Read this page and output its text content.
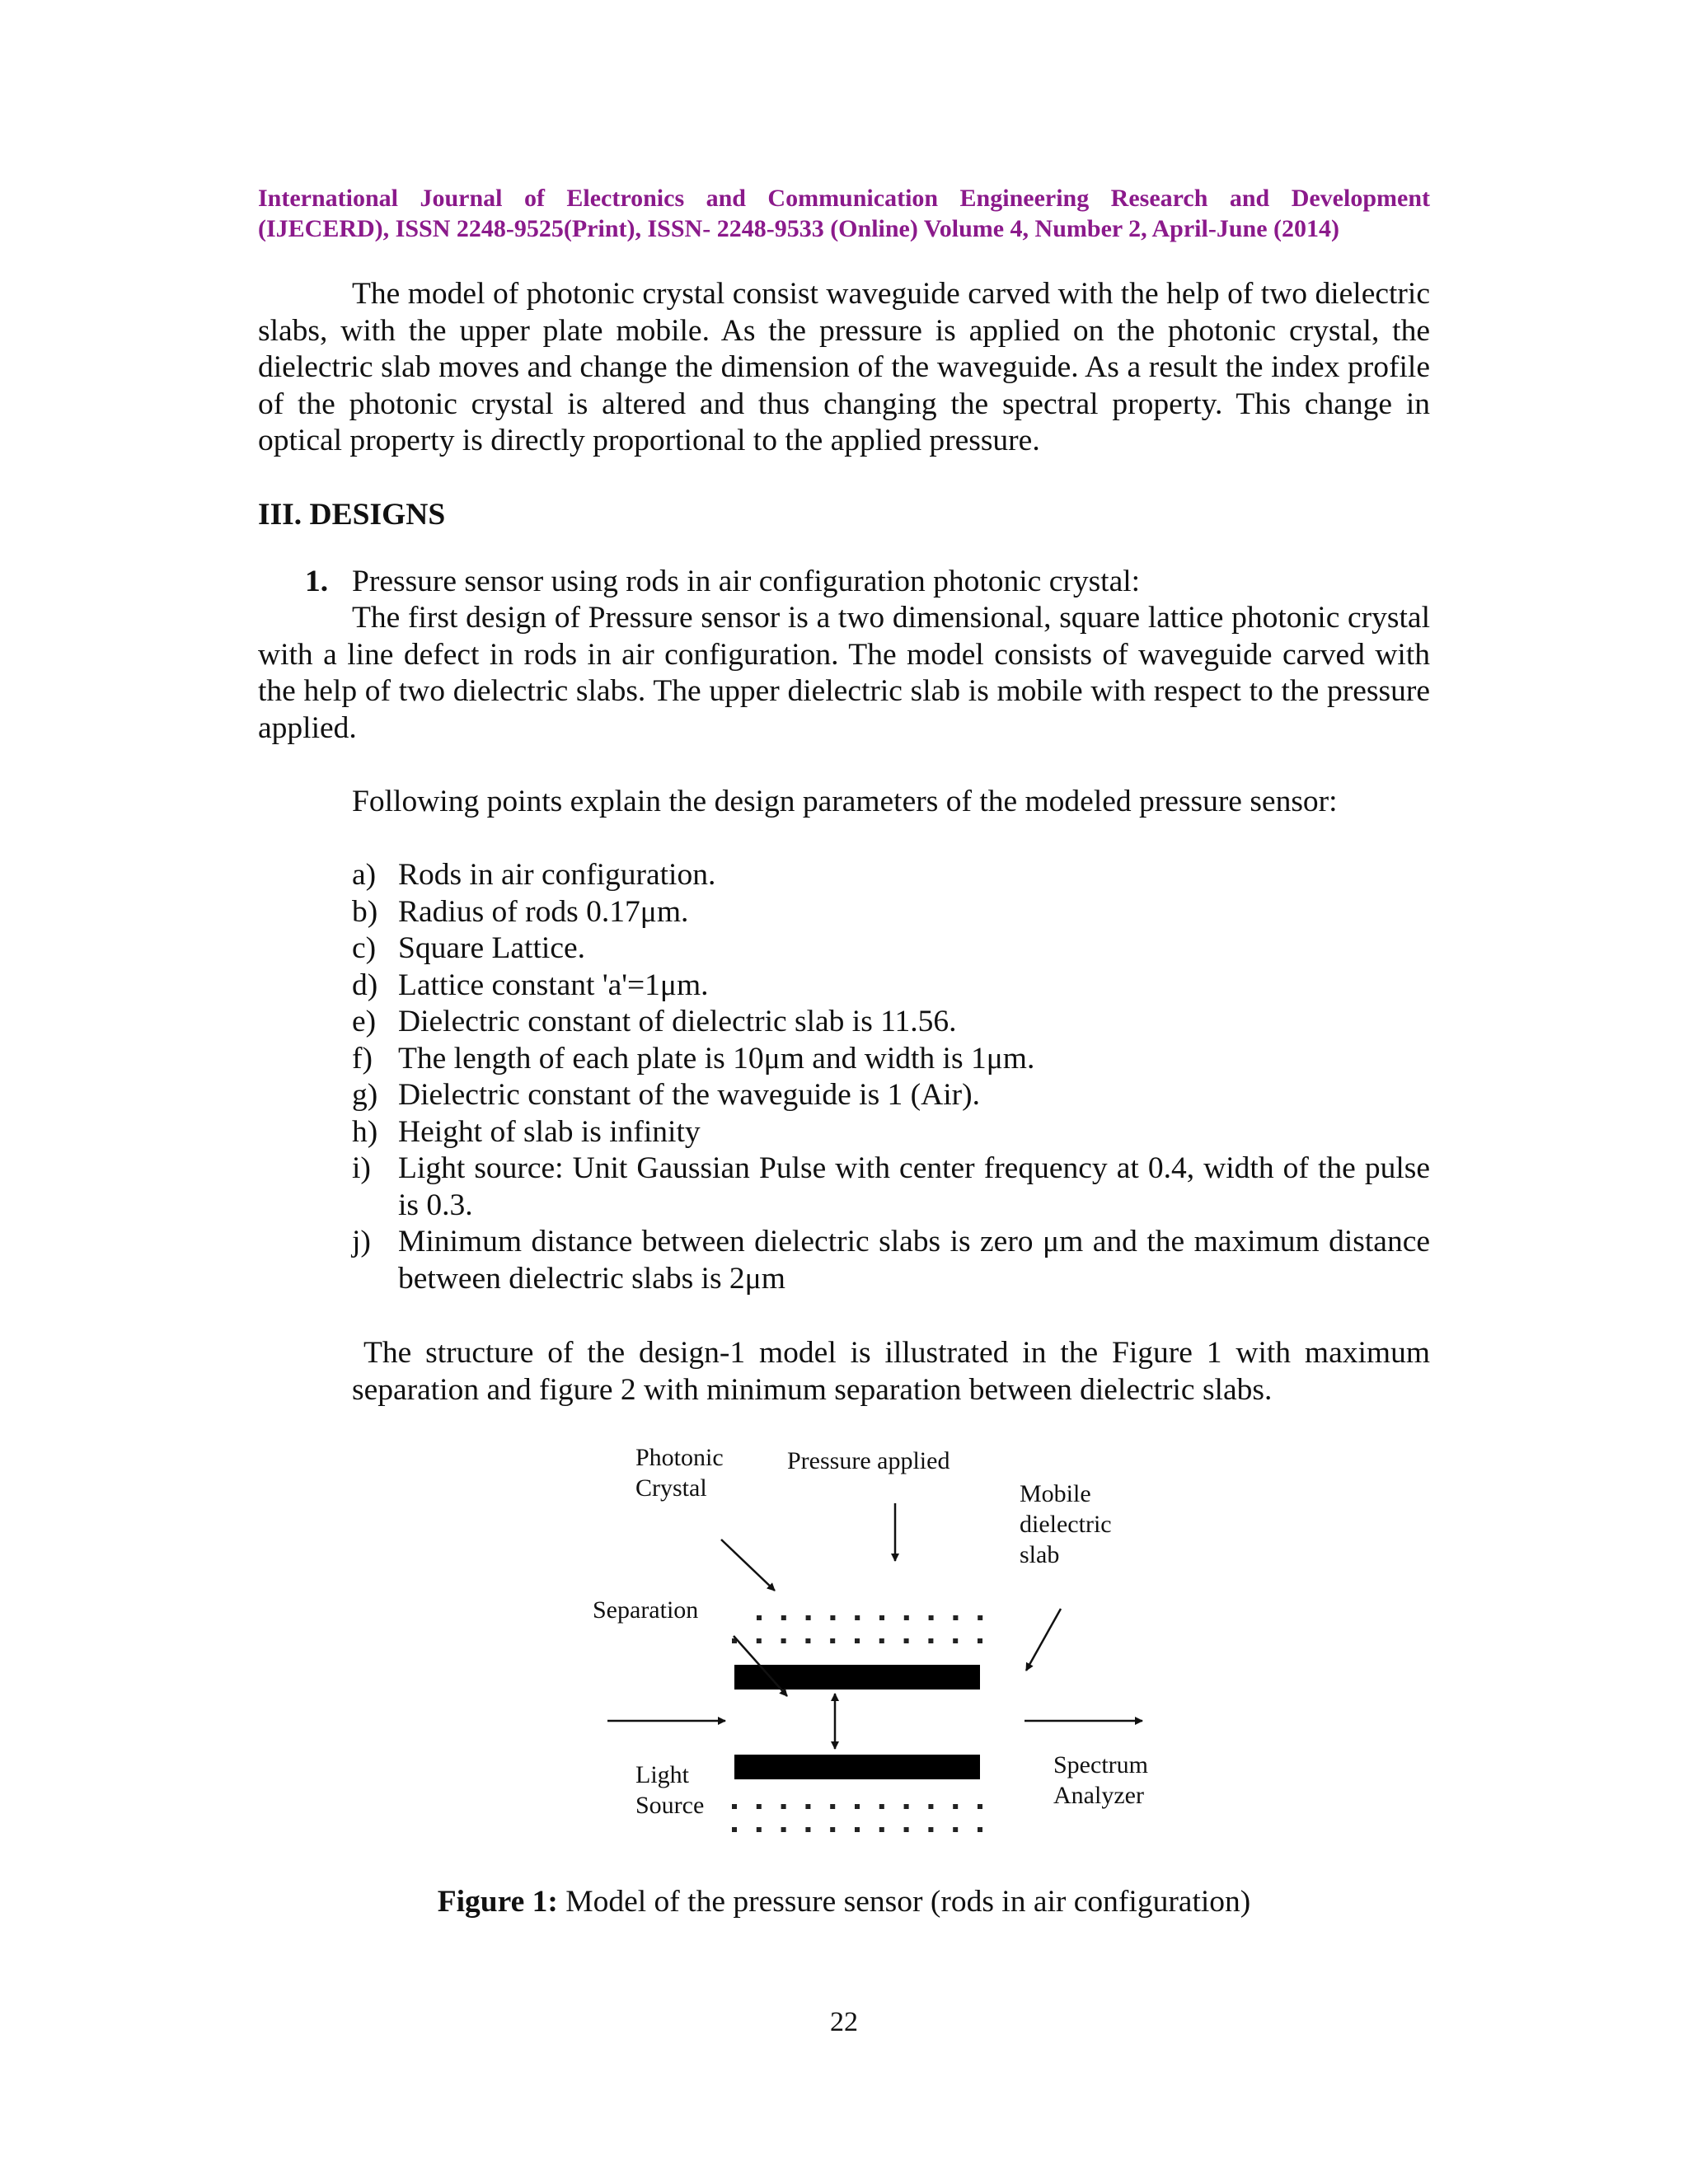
International Journal of Electronics and Communication Engineering Research and Development
(IJECERD), ISSN 2248-9525(Print), ISSN- 2248-9533 (Online) Volume 4, Number 2, April-June (2014)

The model of photonic crystal consist waveguide carved with the help of two dielectric slabs, with the upper plate mobile. As the pressure is applied on the photonic crystal, the dielectric slab moves and change the dimension of the waveguide. As a result the index profile of the photonic crystal is altered and thus changing the spectral property. This change in optical property is directly proportional to the applied pressure.

III. DESIGNS
1. Pressure sensor using rods in air configuration photonic crystal:

The first design of Pressure sensor is a two dimensional, square lattice photonic crystal with a line defect in rods in air configuration. The model consists of waveguide carved with the help of two dielectric slabs. The upper dielectric slab is mobile with respect to the pressure applied.

Following points explain the design parameters of the modeled pressure sensor:

a) Rods in air configuration.
b) Radius of rods 0.17μm.
c) Square Lattice.
d) Lattice constant 'a'=1μm.
e) Dielectric constant of dielectric slab is 11.56.
f) The length of each plate is 10μm and width is 1μm.
g) Dielectric constant of the waveguide is 1 (Air).
h) Height of slab is infinity
i) Light source: Unit Gaussian Pulse with center frequency at 0.4, width of the pulse is 0.3.
j) Minimum distance between dielectric slabs is zero μm and the maximum distance between dielectric slabs is 2μm

The structure of the design-1 model is illustrated in the Figure 1 with maximum separation and figure 2 with minimum separation between dielectric slabs.

Photonic
Crystal
Pressure applied
Mobile
dielectric
slab
Separation
Light
Source
Spectrum
Analyzer
Figure 1: Model of the pressure sensor (rods in air configuration)
22
